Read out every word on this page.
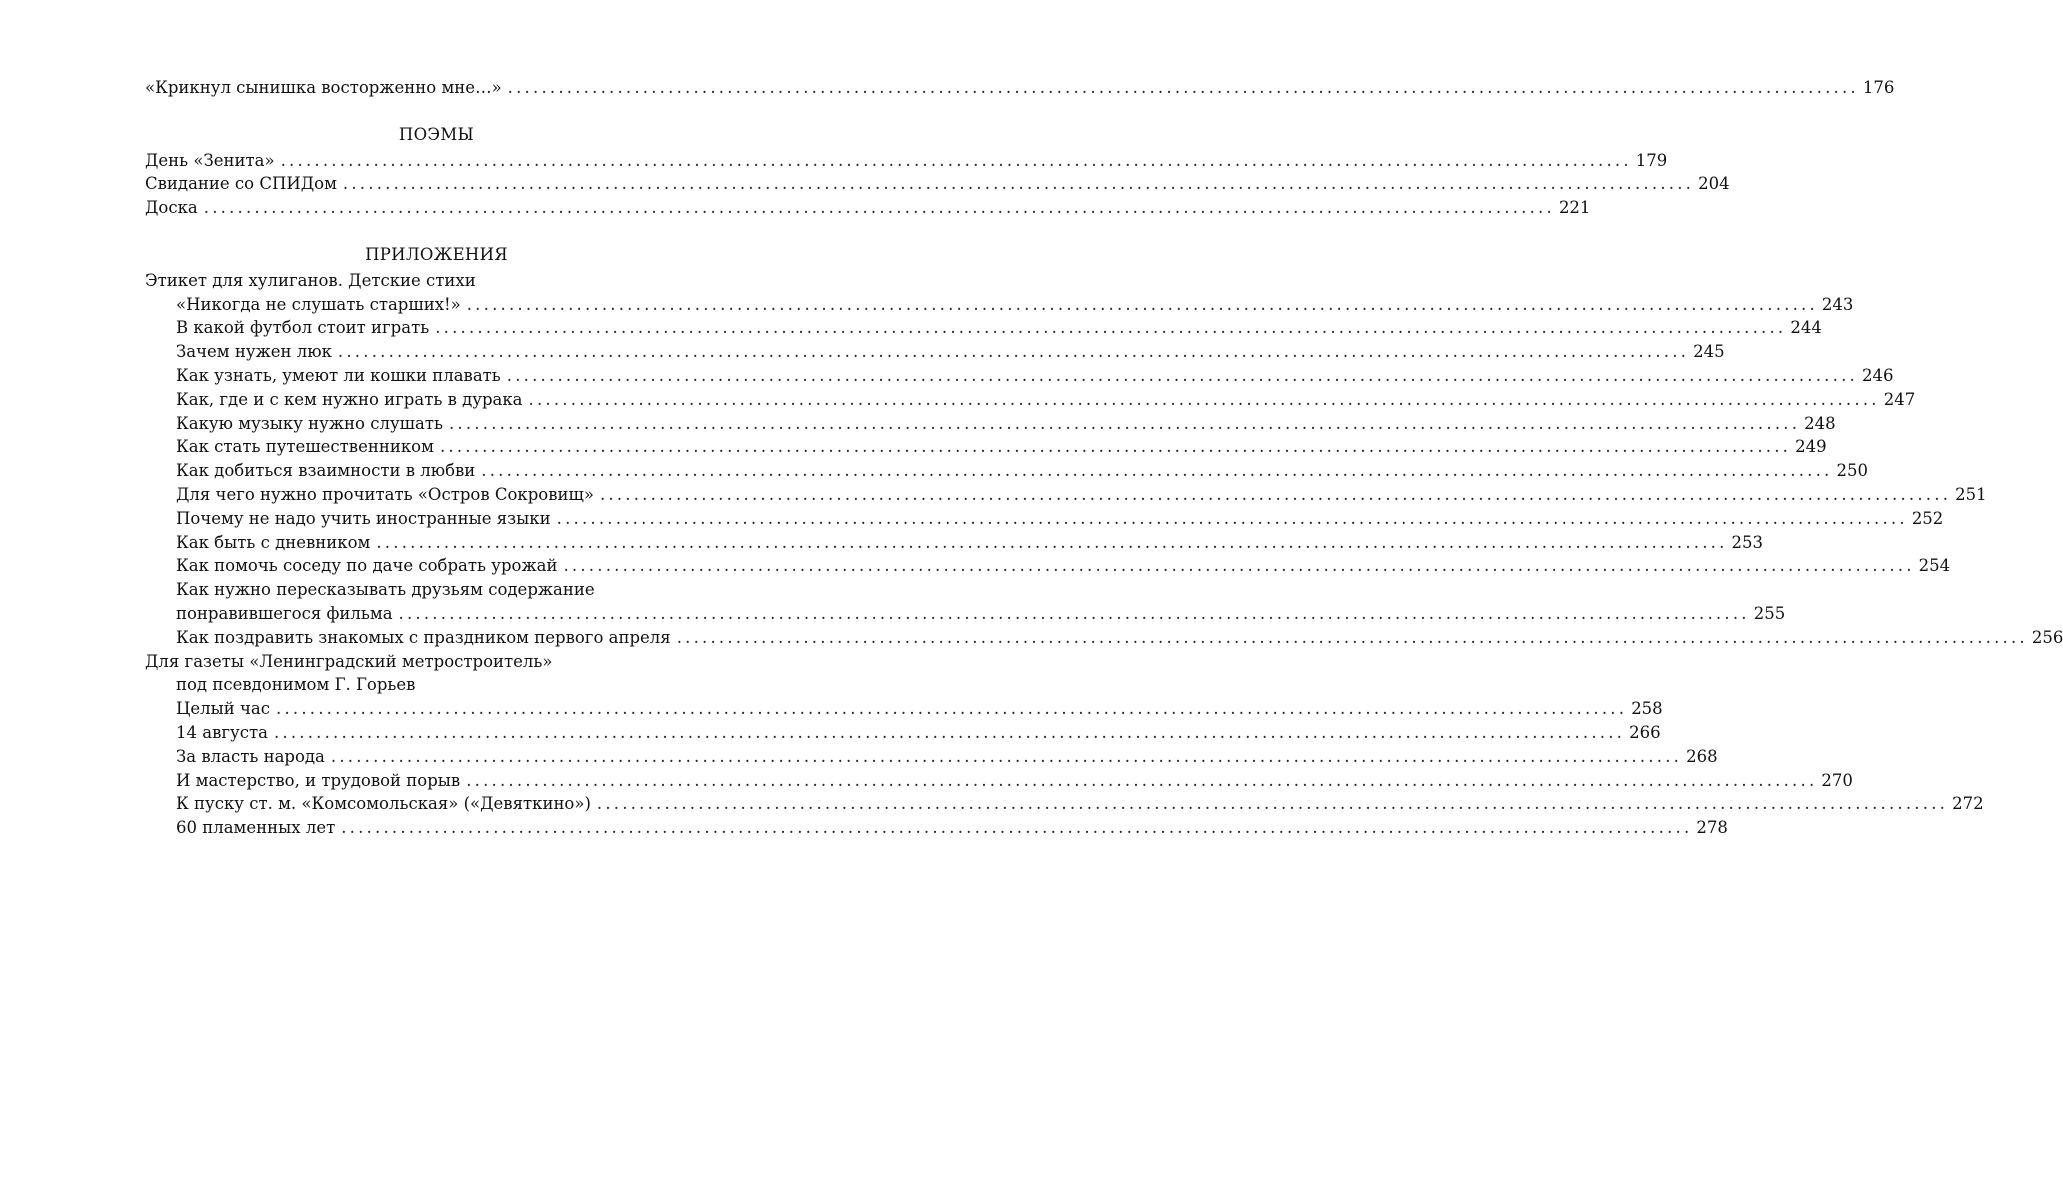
«Крикнул сынишка восторженно мне…» ................................................................................................................................................................ 176
ПОЭМЫ
День «Зенита» ................................................................................................................................................................ 179
Свидание со СПИДом ................................................................................................................................................................ 204
Доска ................................................................................................................................................................ 221
ПРИЛОЖЕНИЯ
Этикет для хулиганов. Детские стихи
«Никогда не слушать старших!» ................................................................................................................................................................ 243
В какой футбол стоит играть ................................................................................................................................................................ 244
Зачем нужен люк ................................................................................................................................................................ 245
Как узнать, умеют ли кошки плавать ................................................................................................................................................................ 246
Как, где и с кем нужно играть в дурака ................................................................................................................................................................ 247
Какую музыку нужно слушать ................................................................................................................................................................ 248
Как стать путешественником ................................................................................................................................................................ 249
Как добиться взаимности в любви ................................................................................................................................................................ 250
Для чего нужно прочитать «Остров Сокровищ» ................................................................................................................................................................ 251
Почему не надо учить иностранные языки ................................................................................................................................................................ 252
Как быть с дневником ................................................................................................................................................................ 253
Как помочь соседу по даче собрать урожай ................................................................................................................................................................ 254
Как нужно пересказывать друзьям содержание
понравившегося фильма ................................................................................................................................................................ 255
Как поздравить знакомых с праздником первого апреля ................................................................................................................................................................ 256
Для газеты «Ленинградский метростроитель»
под псевдонимом Г. Горьев
Целый час ................................................................................................................................................................ 258
14 августа ................................................................................................................................................................ 266
За власть народа ................................................................................................................................................................ 268
И мастерство, и трудовой порыв ................................................................................................................................................................ 270
К пуску ст. м. «Комсомольская» («Девяткино») ................................................................................................................................................................ 272
60 пламенных лет ................................................................................................................................................................ 278
